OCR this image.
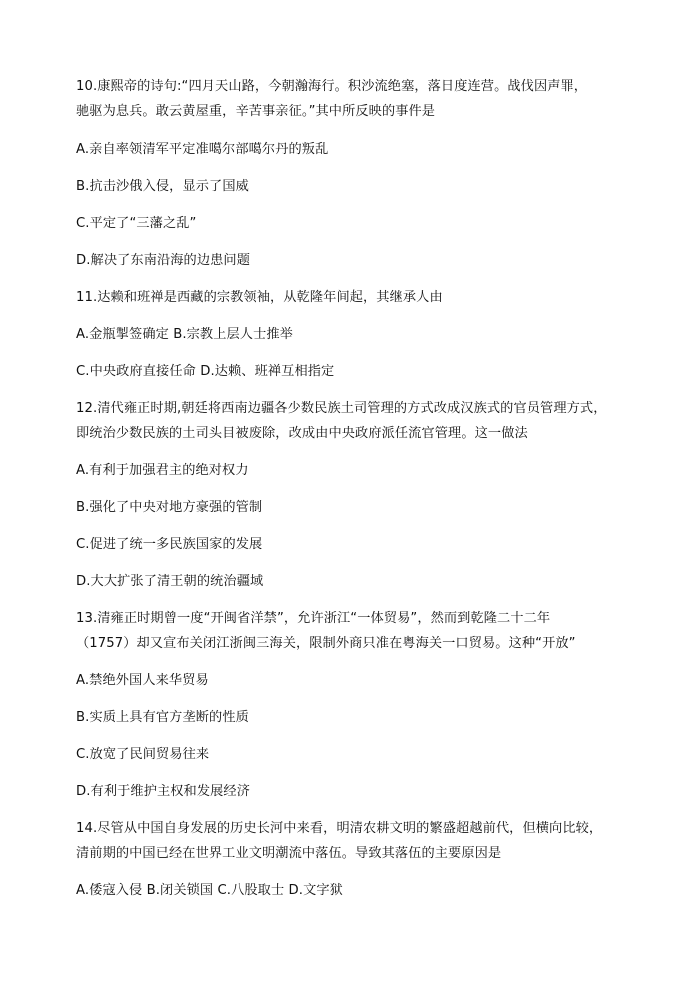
10.康熙帝的诗句:“四月天山路，今朝瀚海行。积沙流绝塞，落日度连营。战伐因声罪，
驰驱为息兵。敢云黄屋重，辛苦事亲征。”其中所反映的事件是
A.亲自率领清军平定准噶尔部噶尔丹的叛乱
B.抗击沙俄入侵，显示了国威
C.平定了“三藩之乱”
D.解决了东南沿海的边患问题
11.达赖和班禅是西藏的宗教领袖，从乾隆年间起，其继承人由
A.金瓶掣签确定 B.宗教上层人士推举
C.中央政府直接任命 D.达赖、班禅互相指定
12.清代雍正时期,朝廷将西南边疆各少数民族土司管理的方式改成汉族式的官员管理方式，
即统治少数民族的土司头目被废除，改成由中央政府派任流官管理。这一做法
A.有利于加强君主的绝对权力
B.强化了中央对地方豪强的管制
C.促进了统一多民族国家的发展
D.大大扩张了清王朝的统治疆域
13.清雍正时期曾一度“开闽省洋禁”，允许浙江“一体贸易”，然而到乾隆二十二年
（1757）却又宣布关闭江浙闽三海关，限制外商只准在粤海关一口贸易。这种“开放”
A.禁绝外国人来华贸易
B.实质上具有官方垄断的性质
C.放宽了民间贸易往来
D.有利于维护主权和发展经济
14.尽管从中国自身发展的历史长河中来看，明清农耕文明的繁盛超越前代，但横向比较，
清前期的中国已经在世界工业文明潮流中落伍。导致其落伍的主要原因是
A.倭寇入侵 B.闭关锁国 C.八股取士 D.文字狱
